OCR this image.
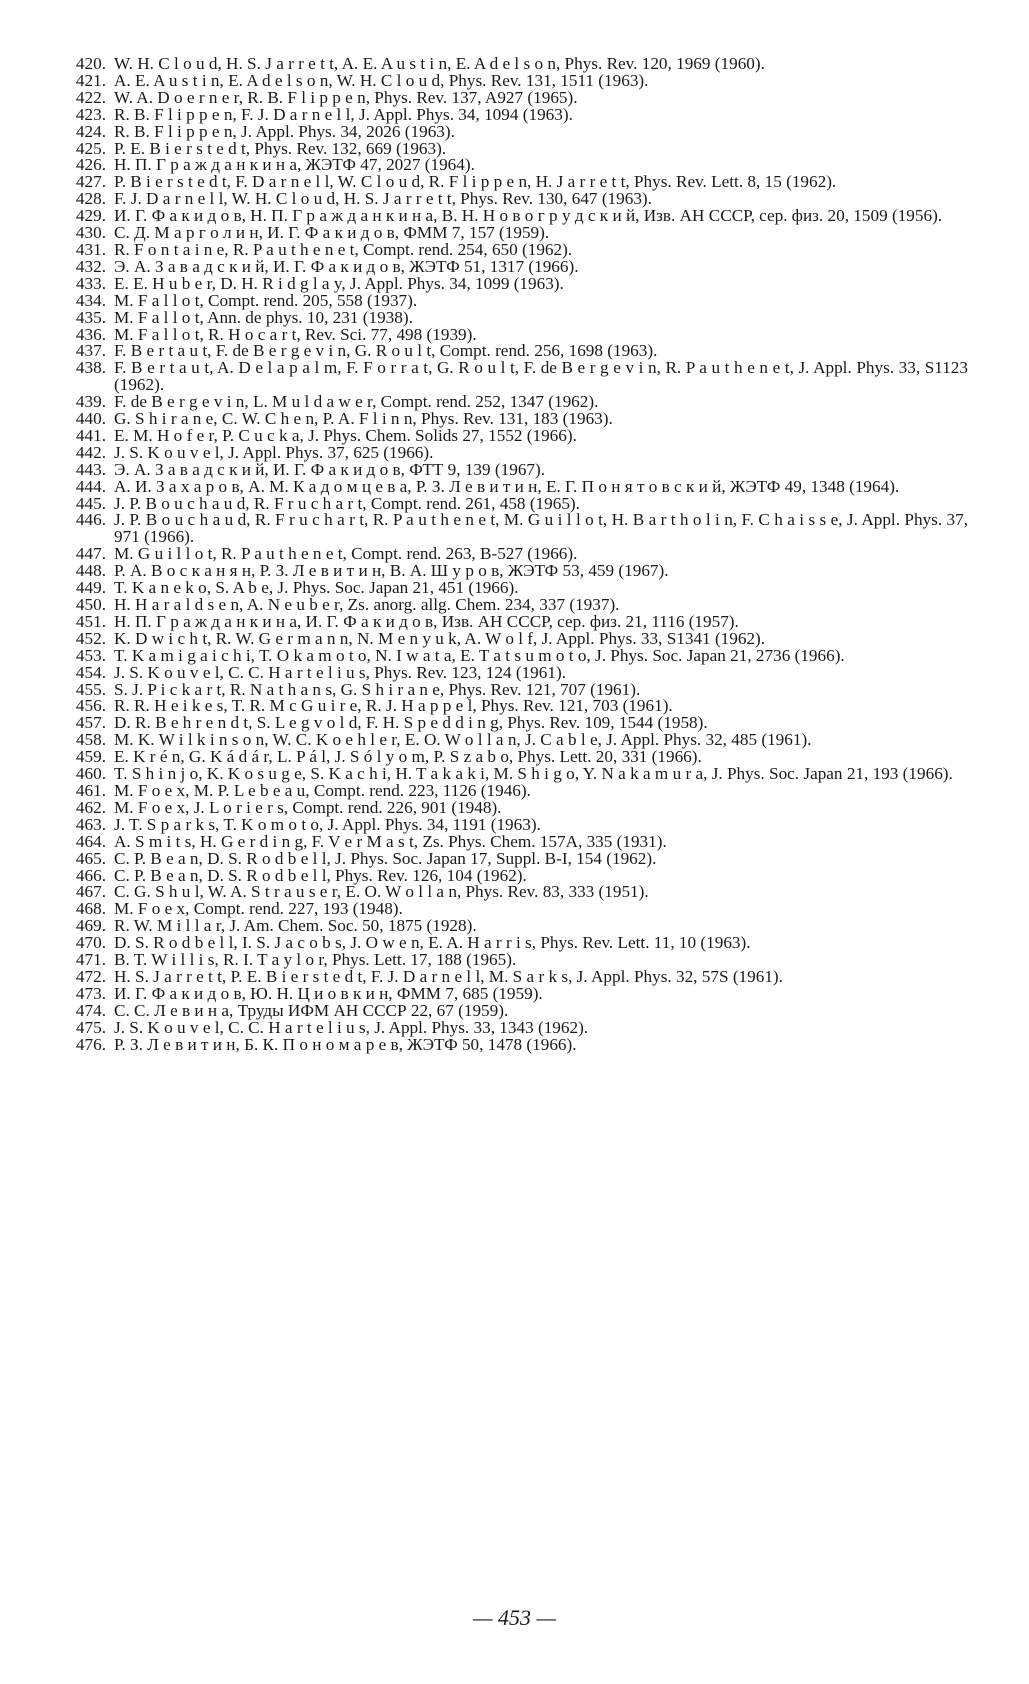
420. W. H. C l o u d, H. S. J a r r e t t, A. E. A u s t i n, E. A d e l s o n, Phys. Rev. 120, 1969 (1960).
421. A. E. A u s t i n, E. A d e l s o n, W. H. C l o u d, Phys. Rev. 131, 1511 (1963).
422. W. A. D o e r n e r, R. B. F l i p p e n, Phys. Rev. 137, A927 (1965).
423. R. B. F l i p p e n, F. J. D a r n e l l, J. Appl. Phys. 34, 1094 (1963).
424. R. B. F l i p p e n, J. Appl. Phys. 34, 2026 (1963).
425. P. E. B i e r s t e d t, Phys. Rev. 132, 669 (1963).
426. Н. П. Г р а ж д а н к и н а, ЖЭТФ 47, 2027 (1964).
427. P. B i e r s t e d t, F. D a r n e l l, W. C l o u d, R. F l i p p e n, H. J a r r e t t, Phys. Rev. Lett. 8, 15 (1962).
428. F. J. D a r n e l l, W. H. C l o u d, H. S. J a r r e t t, Phys. Rev. 130, 647 (1963).
429. И. Г. Ф а к и д о в, Н. П. Г р а ж д а н к и н а, В. Н. Н о в о г р у д с к и й, Изв. АН СССР, сер. физ. 20, 1509 (1956).
430. С. Д. М а р г о л и н, И. Г. Ф а к и д о в, ФММ 7, 157 (1959).
431. R. F o n t a i n e, R. P a u t h e n e t, Compt. rend. 254, 650 (1962).
432. Э. А. З а в а д с к и й, И. Г. Ф а к и д о в, ЖЭТФ 51, 1317 (1966).
433. E. E. H u b e r, D. H. R i d g l a y, J. Appl. Phys. 34, 1099 (1963).
434. M. F a l l o t, Compt. rend. 205, 558 (1937).
435. M. F a l l o t, Ann. de phys. 10, 231 (1938).
436. M. F a l l o t, R. H o c a r t, Rev. Sci. 77, 498 (1939).
437. F. B e r t a u t, F. de B e r g e v i n, G. R o u l t, Compt. rend. 256, 1698 (1963).
438. F. B e r t a u t, A. D e l a p a l m, F. F o r r a t, G. R o u l t, F. de B e r g e v i n, R. P a u t h e n e t, J. Appl. Phys. 33, S1123 (1962).
439. F. de B e r g e v i n, L. M u l d a w e r, Compt. rend. 252, 1347 (1962).
440. G. S h i r a n e, C. W. C h e n, P. A. F l i n n, Phys. Rev. 131, 183 (1963).
441. E. M. H o f e r, P. C u c k a, J. Phys. Chem. Solids 27, 1552 (1966).
442. J. S. K o u v e l, J. Appl. Phys. 37, 625 (1966).
443. Э. А. З а в а д с к и й, И. Г. Ф а к и д о в, ФТТ 9, 139 (1967).
444. А. И. З а х а р о в, А. М. К а д о м ц е в а, Р. З. Л е в и т и н, Е. Г. П о н я т о в с к и й, ЖЭТФ 49, 1348 (1964).
445. J. P. B o u c h a u d, R. F r u c h a r t, Compt. rend. 261, 458 (1965).
446. J. P. B o u c h a u d, R. F r u c h a r t, R. P a u t h e n e t, M. G u i l l o t, H. B a r t h o l i n, F. C h a i s s e, J. Appl. Phys. 37, 971 (1966).
447. M. G u i l l o t, R. P a u t h e n e t, Compt. rend. 263, B-527 (1966).
448. Р. А. В о с к а н я н, Р. З. Л е в и т и н, В. А. Ш у р о в, ЖЭТФ 53, 459 (1967).
449. T. K a n e k o, S. A b e, J. Phys. Soc. Japan 21, 451 (1966).
450. H. H a r a l d s e n, A. N e u b e r, Zs. anorg. allg. Chem. 234, 337 (1937).
451. Н. П. Г р а ж д а н к и н а, И. Г. Ф а к и д о в, Изв. АН СССР, сер. физ. 21, 1116 (1957).
452. K. D w i c h t, R. W. G e r m a n n, N. M e n y u k, A. W o l f, J. Appl. Phys. 33, S1341 (1962).
453. T. K a m i g a i c h i, T. O k a m o t o, N. I w a t a, E. T a t s u m o t o, J. Phys. Soc. Japan 21, 2736 (1966).
454. J. S. K o u v e l, C. C. H a r t e l i u s, Phys. Rev. 123, 124 (1961).
455. S. J. P i c k a r t, R. N a t h a n s, G. S h i r a n e, Phys. Rev. 121, 707 (1961).
456. R. R. H e i k e s, T. R. M c G u i r e, R. J. H a p p e l, Phys. Rev. 121, 703 (1961).
457. D. R. B e h r e n d t, S. L e g v o l d, F. H. S p e d d i n g, Phys. Rev. 109, 1544 (1958).
458. M. K. W i l k i n s o n, W. C. K o e h l e r, E. O. W o l l a n, J. C a b l e, J. Appl. Phys. 32, 485 (1961).
459. E. K r é n, G. K á d á r, L. P á l, J. S ó l y o m, P. S z a b o, Phys. Lett. 20, 331 (1966).
460. T. S h i n j o, K. K o s u g e, S. K a c h i, H. T a k a k i, M. S h i g o, Y. N a k a m u r a, J. Phys. Soc. Japan 21, 193 (1966).
461. M. F o e x, M. P. L e b e a u, Compt. rend. 223, 1126 (1946).
462. M. F o e x, J. L o r i e r s, Compt. rend. 226, 901 (1948).
463. J. T. S p a r k s, T. K o m o t o, J. Appl. Phys. 34, 1191 (1963).
464. A. S m i t s, H. G e r d i n g, F. V e r M a s t, Zs. Phys. Chem. 157A, 335 (1931).
465. C. P. B e a n, D. S. R o d b e l l, J. Phys. Soc. Japan 17, Suppl. B-I, 154 (1962).
466. C. P. B e a n, D. S. R o d b e l l, Phys. Rev. 126, 104 (1962).
467. C. G. S h u l, W. A. S t r a u s e r, E. O. W o l l a n, Phys. Rev. 83, 333 (1951).
468. M. F o e x, Compt. rend. 227, 193 (1948).
469. R. W. M i l l a r, J. Am. Chem. Soc. 50, 1875 (1928).
470. D. S. R o d b e l l, I. S. J a c o b s, J. O w e n, E. A. H a r r i s, Phys. Rev. Lett. 11, 10 (1963).
471. B. T. W i l l i s, R. I. T a y l o r, Phys. Lett. 17, 188 (1965).
472. H. S. J a r r e t t, P. E. B i e r s t e d t, F. J. D a r n e l l, M. S a r k s, J. Appl. Phys. 32, 57S (1961).
473. И. Г. Ф а к и д о в, Ю. Н. Ц и о в к и н, ФММ 7, 685 (1959).
474. С. С. Л е в и н а, Труды ИФМ АН СССР 22, 67 (1959).
475. J. S. K o u v e l, C. C. H a r t e l i u s, J. Appl. Phys. 33, 1343 (1962).
476. Р. З. Л е в и т и н, Б. К. П о н о м а р е в, ЖЭТФ 50, 1478 (1966).
— 453 —
